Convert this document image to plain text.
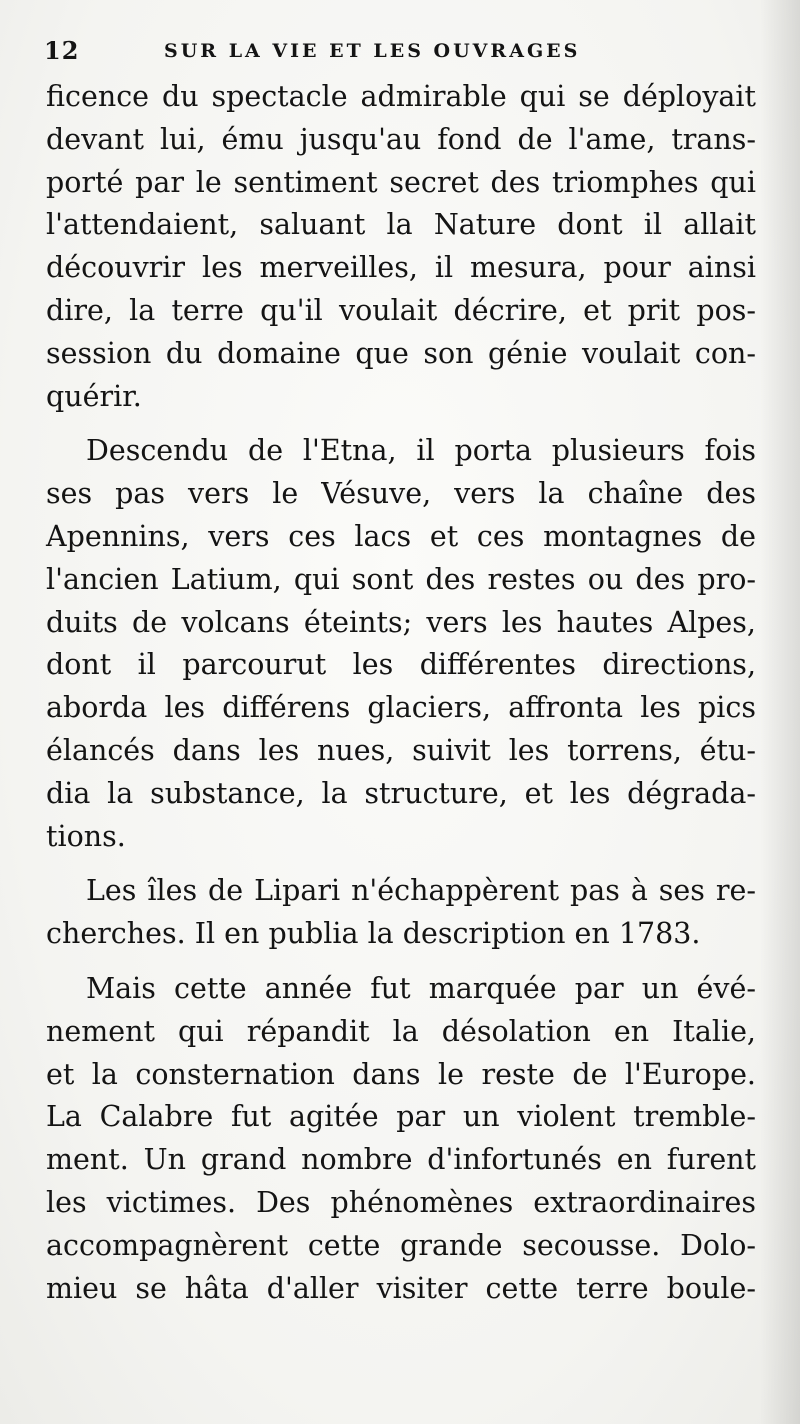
12	SUR LA VIE ET LES OUVRAGES
ficence du spectacle admirable qui se déployait
devant lui, ému jusqu'au fond de l'ame, trans-
porté par le sentiment secret des triomphes qui
l'attendaient, saluant la Nature dont il allait
découvrir les merveilles, il mesura, pour ainsi
dire, la terre qu'il voulait décrire, et prit pos-
session du domaine que son génie voulait con-
quérir.
Descendu de l'Etna, il porta plusieurs fois
ses pas vers le Vésuve, vers la chaîne des
Apennins, vers ces lacs et ces montagnes de
l'ancien Latium, qui sont des restes ou des pro-
duits de volcans éteints; vers les hautes Alpes,
dont il parcourut les différentes directions,
aborda les différens glaciers, affronta les pics
élancés dans les nues, suivit les torrens, étu-
dia la substance, la structure, et les dégrada-
tions.
Les îles de Lipari n'échappèrent pas à ses re-
cherches. Il en publia la description en 1783.
Mais cette année fut marquée par un évé-
nement qui répandit la désolation en Italie,
et la consternation dans le reste de l'Europe.
La Calabre fut agitée par un violent tremble-
ment. Un grand nombre d'infortunés en furent
les victimes. Des phénomènes extraordinaires
accompagnèrent cette grande secousse. Dolo-
mieu se hâta d'aller visiter cette terre boule-
